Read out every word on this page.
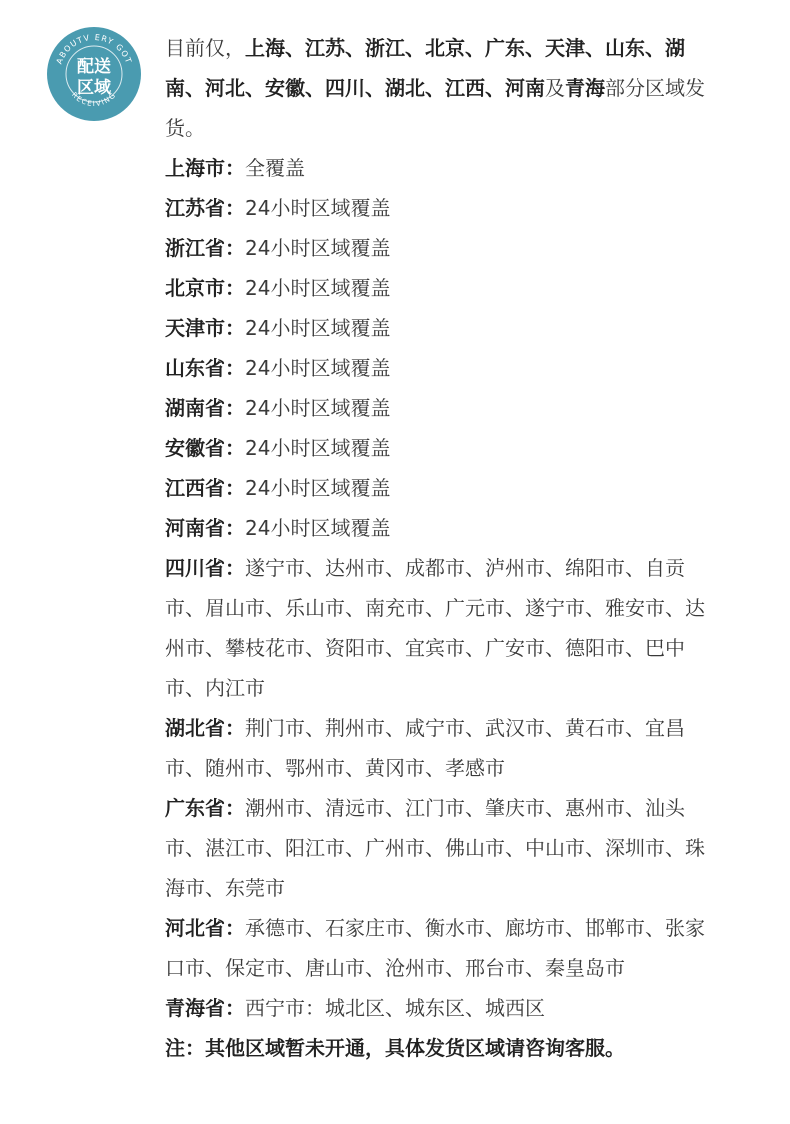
ABOUTV ERY GOT
RECEIVING
配送
区域

目前仅，上海、江苏、浙江、北京、广东、天津、山东、湖南、河北、安徽、四川、湖北、江西、河南及青海部分区域发货。

上海市：全覆盖

江苏省：24小时区域覆盖

浙江省：24小时区域覆盖

北京市：24小时区域覆盖

天津市：24小时区域覆盖

山东省：24小时区域覆盖

湖南省：24小时区域覆盖

安徽省：24小时区域覆盖

江西省：24小时区域覆盖

河南省：24小时区域覆盖

四川省：遂宁市、达州市、成都市、泸州市、绵阳市、自贡市、眉山市、乐山市、南充市、广元市、遂宁市、雅安市、达州市、攀枝花市、资阳市、宜宾市、广安市、德阳市、巴中市、内江市

湖北省：荆门市、荆州市、咸宁市、武汉市、黄石市、宜昌市、随州市、鄂州市、黄冈市、孝感市

广东省：潮州市、清远市、江门市、肇庆市、惠州市、汕头市、湛江市、阳江市、广州市、佛山市、中山市、深圳市、珠海市、东莞市

河北省：承德市、石家庄市、衡水市、廊坊市、邯郸市、张家口市、保定市、唐山市、沧州市、邢台市、秦皇岛市

青海省：西宁市：城北区、城东区、城西区

注：其他区域暂未开通，具体发货区域请咨询客服。
